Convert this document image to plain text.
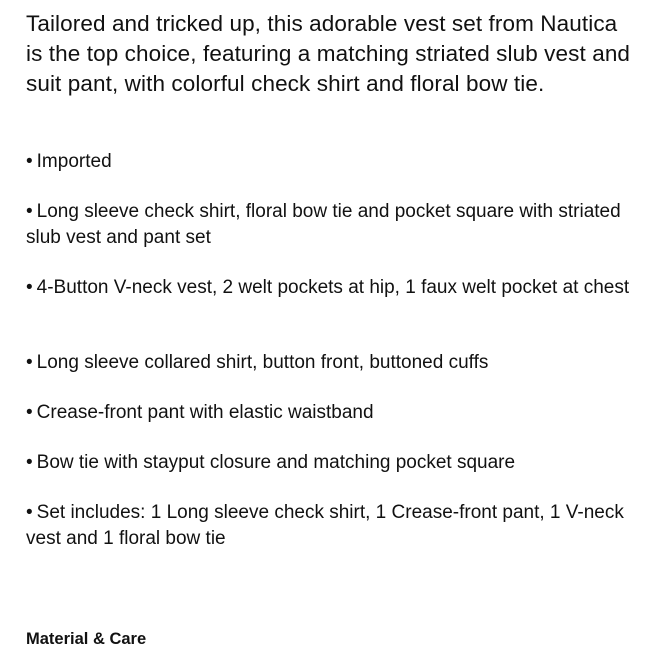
Tailored and tricked up, this adorable vest set from Nautica is the top choice, featuring a matching striated slub vest and suit pant, with colorful check shirt and floral bow tie.

• Imported
• Long sleeve check shirt, floral bow tie and pocket square with striated slub vest and pant set
• 4-Button V-neck vest, 2 welt pockets at hip, 1 faux welt pocket at chest
• Long sleeve collared shirt, button front, buttoned cuffs
• Crease-front pant with elastic waistband
• Bow tie with stayput closure and matching pocket square
• Set includes: 1 Long sleeve check shirt, 1 Crease-front pant, 1 V-neck vest and 1 floral bow tie
Material & Care
